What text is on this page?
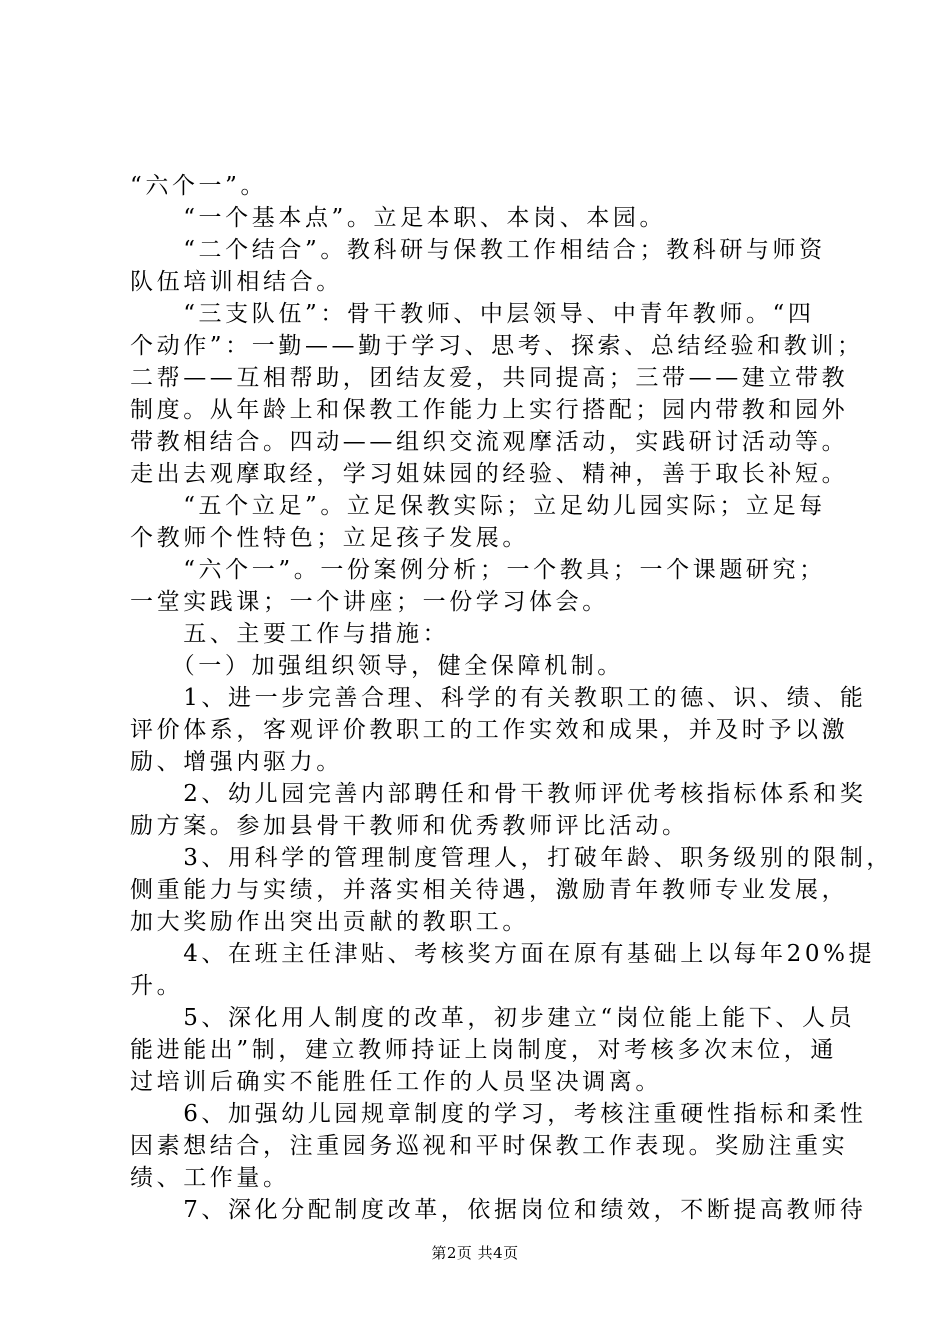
“六个一”。
　　“一个基本点”。立足本职、本岗、本园。
　　“二个结合”。教科研与保教工作相结合；教科研与师资
队伍培训相结合。
　　“三支队伍”：骨干教师、中层领导、中青年教师。“四
个动作”：一勤——勤于学习、思考、探索、总结经验和教训；
二帮——互相帮助，团结友爱，共同提高；三带——建立带教
制度。从年龄上和保教工作能力上实行搭配；园内带教和园外
带教相结合。四动——组织交流观摩活动，实践研讨活动等。
走出去观摩取经，学习姐妹园的经验、精神，善于取长补短。
　　“五个立足”。立足保教实际；立足幼儿园实际；立足每
个教师个性特色；立足孩子发展。
　　“六个一”。一份案例分析；一个教具；一个课题研究；
一堂实践课；一个讲座；一份学习体会。
　　五、主要工作与措施：
　　（一）加强组织领导，健全保障机制。
　　1、进一步完善合理、科学的有关教职工的德、识、绩、能
评价体系，客观评价教职工的工作实效和成果，并及时予以激
励、增强内驱力。
　　2、幼儿园完善内部聘任和骨干教师评优考核指标体系和奖
励方案。参加县骨干教师和优秀教师评比活动。
　　3、用科学的管理制度管理人，打破年龄、职务级别的限制，
侧重能力与实绩，并落实相关待遇，激励青年教师专业发展，
加大奖励作出突出贡献的教职工。
　　4、在班主任津贴、考核奖方面在原有基础上以每年20%提
升。
　　5、深化用人制度的改革，初步建立“岗位能上能下、人员
能进能出”制，建立教师持证上岗制度，对考核多次末位，通
过培训后确实不能胜任工作的人员坚决调离。
　　6、加强幼儿园规章制度的学习，考核注重硬性指标和柔性
因素想结合，注重园务巡视和平时保教工作表现。奖励注重实
绩、工作量。
　　7、深化分配制度改革，依据岗位和绩效，不断提高教师待
第2页 共4页
